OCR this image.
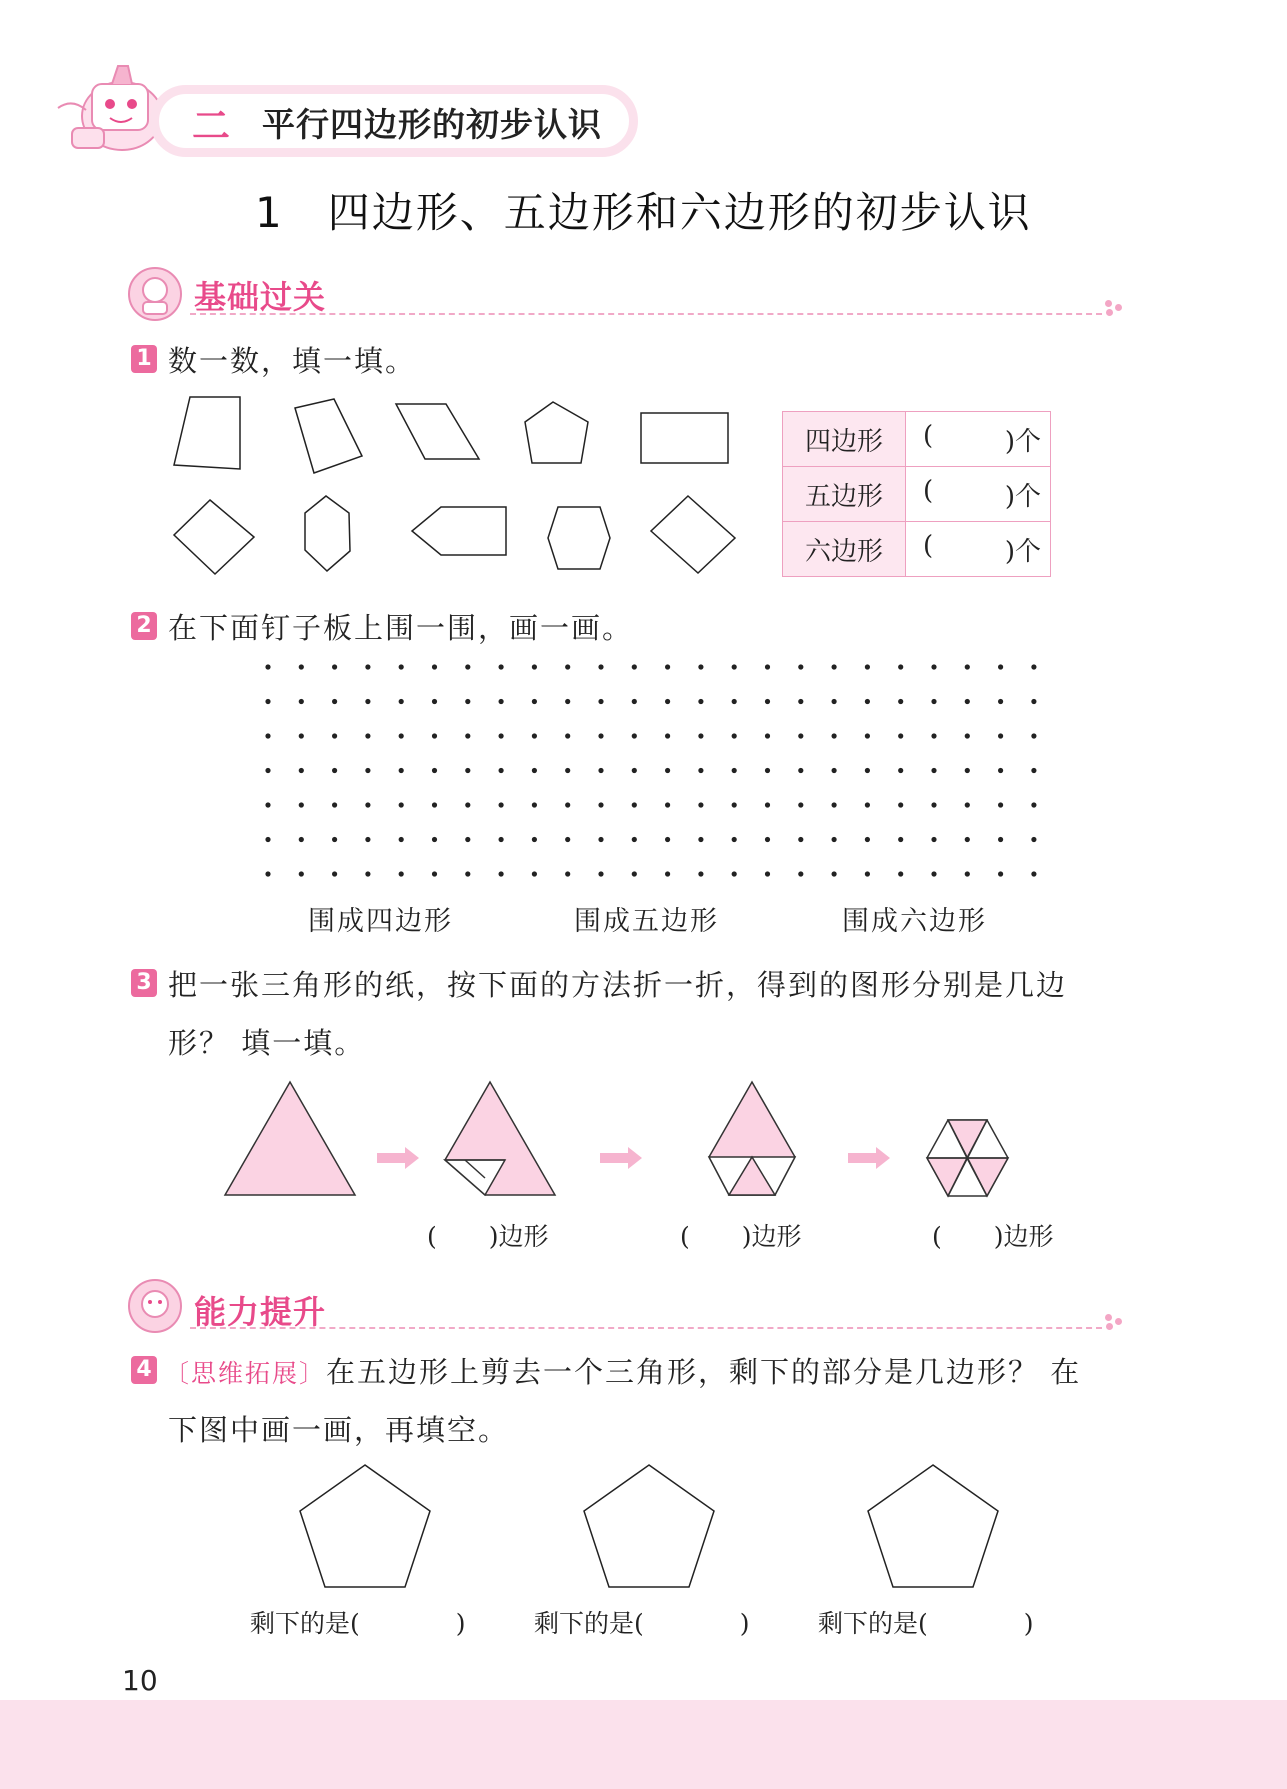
二 平行四边形的初步认识
1　四边形、五边形和六边形的初步认识
基础过关
1 数一数，填一填。
四边形	( )个

五边形	( )个

六边形	( )个
2 在下面钉子板上围一围，画一画。
围成四边形	围成五边形	围成六边形
3 把一张三角形的纸，按下面的方法折一折，得到的图形分别是几边
形？ 填一填。
( )边形	( )边形	( )边形
能力提升
4 〔思维拓展〕在五边形上剪去一个三角形，剩下的部分是几边形？ 在
下图中画一画，再填空。
剩下的是(	)	剩下的是(	)	剩下的是(	)
10
